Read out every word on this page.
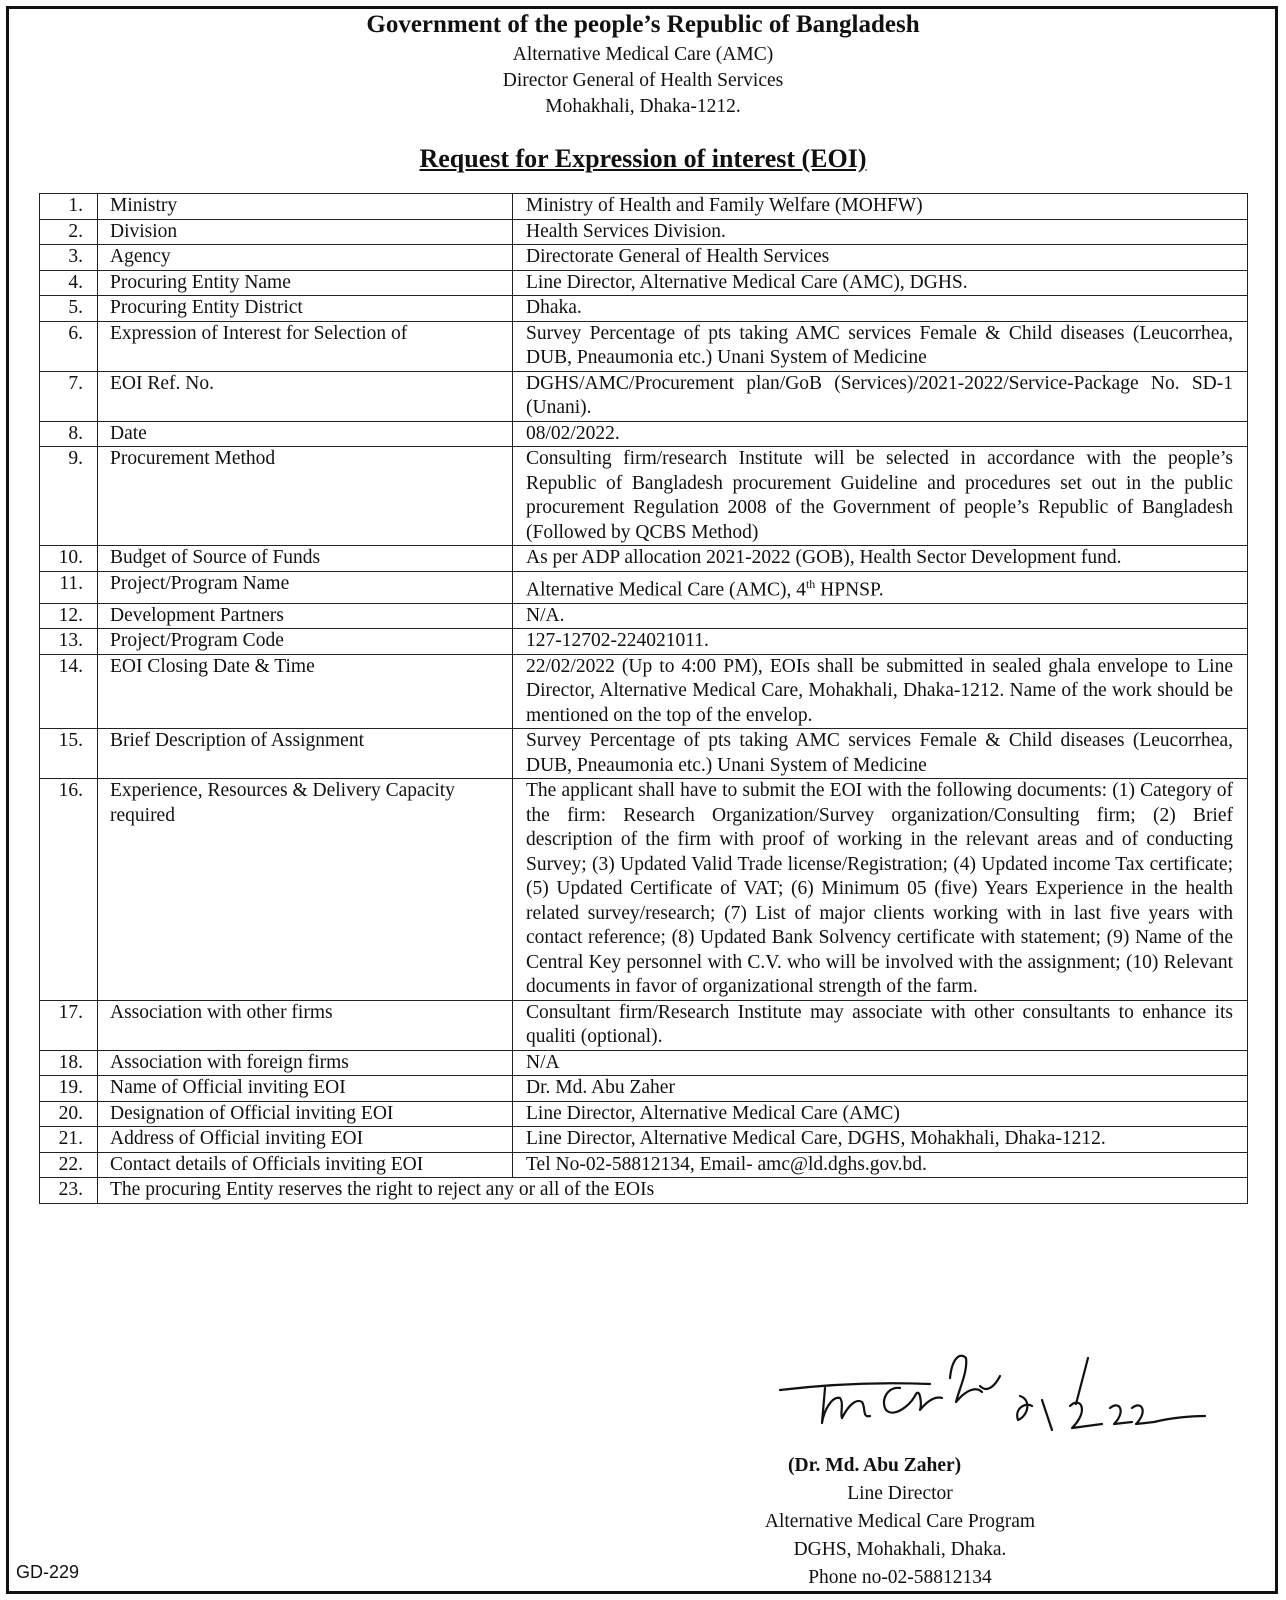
Government of the people’s Republic of Bangladesh
Alternative Medical Care (AMC)
Director General of Health Services
Mohakhali, Dhaka-1212.
Request for Expression of interest (EOI)
1.	Ministry	Ministry of Health and Family Welfare (MOHFW)
2.	Division	Health Services Division.
3.	Agency	Directorate General of Health Services
4.	Procuring Entity Name	Line Director, Alternative Medical Care (AMC), DGHS.
5.	Procuring Entity District	Dhaka.
6.	Expression of Interest for Selection of	Survey Percentage of pts taking AMC services Female & Child diseases (Leucorrhea, DUB, Pneaumonia etc.) Unani System of Medicine
7.	EOI Ref. No.	DGHS/AMC/Procurement plan/GoB (Services)/2021-2022/Service-Package No. SD-1 (Unani).
8.	Date	08/02/2022.
9.	Procurement Method	Consulting firm/research Institute will be selected in accordance with the people’s Republic of Bangladesh procurement Guideline and procedures set out in the public procurement Regulation 2008 of the Government of people’s Republic of Bangladesh (Followed by QCBS Method)
10.	Budget of Source of Funds	As per ADP allocation 2021-2022 (GOB), Health Sector Development fund.
11.	Project/Program Name	Alternative Medical Care (AMC), 4th HPNSP.
12.	Development Partners	N/A.
13.	Project/Program Code	127-12702-224021011.
14.	EOI Closing Date & Time	22/02/2022 (Up to 4:00 PM), EOIs shall be submitted in sealed ghala envelope to Line Director, Alternative Medical Care, Mohakhali, Dhaka-1212. Name of the work should be mentioned on the top of the envelop.
15.	Brief Description of Assignment	Survey Percentage of pts taking AMC services Female & Child diseases (Leucorrhea, DUB, Pneaumonia etc.) Unani System of Medicine
16.	Experience, Resources & Delivery Capacity required	The applicant shall have to submit the EOI with the following documents: (1) Category of the firm: Research Organization/Survey organization/Consulting firm; (2) Brief description of the firm with proof of working in the relevant areas and of conducting Survey; (3) Updated Valid Trade license/Registration; (4) Updated income Tax certificate; (5) Updated Certificate of VAT; (6) Minimum 05 (five) Years Experience in the health related survey/research; (7) List of major clients working with in last five years with contact reference; (8) Updated Bank Solvency certificate with statement; (9) Name of the Central Key personnel with C.V. who will be involved with the assignment; (10) Relevant documents in favor of organizational strength of the farm.
17.	Association with other firms	Consultant firm/Research Institute may associate with other consultants to enhance its qualiti (optional).
18.	Association with foreign firms	N/A
19.	Name of Official inviting EOI	Dr. Md. Abu Zaher
20.	Designation of Official inviting EOI	Line Director, Alternative Medical Care (AMC)
21.	Address of Official inviting EOI	Line Director, Alternative Medical Care, DGHS, Mohakhali, Dhaka-1212.
22.	Contact details of Officials inviting EOI	Tel No-02-58812134, Email- amc@ld.dghs.gov.bd.
23.	The procuring Entity reserves the right to reject any or all of the EOIs	
(Dr. Md. Abu Zaher)
Line Director
Alternative Medical Care Program
DGHS, Mohakhali, Dhaka.
Phone no-02-58812134
GD-229
